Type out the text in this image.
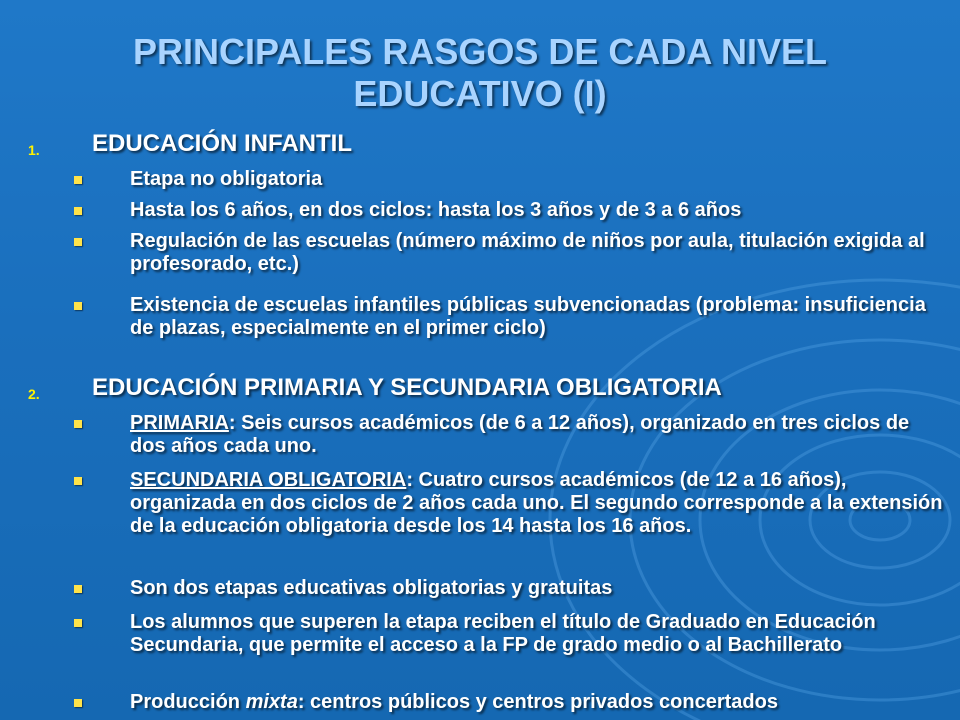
PRINCIPALES RASGOS DE CADA NIVEL
EDUCATIVO (I)
1. EDUCACIÓN INFANTIL
Etapa no obligatoria
Hasta los 6 años, en dos ciclos: hasta los 3 años y de 3 a 6 años
Regulación de las escuelas (número máximo de niños por aula, titulación exigida al profesorado, etc.)
Existencia de escuelas infantiles públicas subvencionadas (problema: insuficiencia de plazas, especialmente en el primer ciclo)
2. EDUCACIÓN PRIMARIA Y SECUNDARIA OBLIGATORIA
PRIMARIA: Seis cursos académicos (de 6 a 12 años), organizado en tres ciclos de dos años cada uno.
SECUNDARIA OBLIGATORIA: Cuatro cursos académicos (de 12 a 16 años), organizada en dos ciclos de 2 años cada uno. El segundo corresponde a la extensión de la educación obligatoria desde los 14 hasta los 16 años.
Son dos etapas educativas obligatorias y gratuitas
Los alumnos que superen la etapa reciben el título de Graduado en Educación Secundaria, que permite el acceso a la FP de grado medio o al Bachillerato
Producción mixta: centros públicos y centros privados concertados
